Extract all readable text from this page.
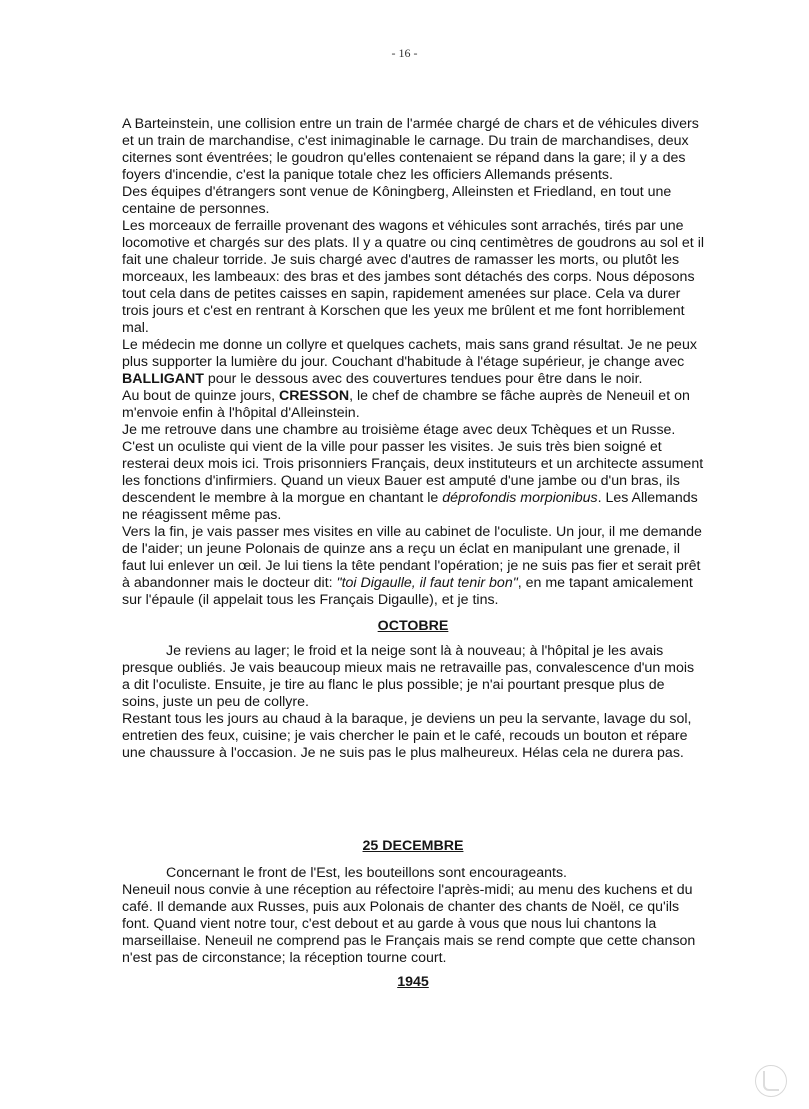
- 16 -

A Barteinstein, une collision entre un train de l'armée chargé de chars et de véhicules divers et un train de marchandise, c'est inimaginable le carnage. Du train de marchandises, deux citernes sont éventrées; le goudron qu'elles contenaient se répand dans la gare; il y a des foyers d'incendie, c'est la panique totale chez les officiers Allemands présents.

Des équipes d'étrangers sont venue de Kôningberg, Alleinsten et Friedland, en tout une centaine de personnes.

Les morceaux de ferraille provenant des wagons et véhicules sont arrachés, tirés par une locomotive et chargés sur des plats. Il y a quatre ou cinq centimètres de goudrons au sol et il fait une chaleur torride. Je suis chargé avec d'autres de ramasser les morts, ou plutôt les morceaux, les lambeaux: des bras et des jambes sont détachés des corps. Nous déposons tout cela dans de petites caisses en sapin, rapidement amenées sur place. Cela va durer trois jours et c'est en rentrant à Korschen que les yeux me brûlent et me font horriblement mal.

Le médecin me donne un collyre et quelques cachets, mais sans grand résultat. Je ne peux plus supporter la lumière du jour. Couchant d'habitude à l'étage supérieur, je change avec BALLIGANT pour le dessous avec des couvertures tendues pour être dans le noir.

Au bout de quinze jours, CRESSON, le chef de chambre se fâche auprès de Neneuil et on m'envoie enfin à l'hôpital d'Alleinstein.

Je me retrouve dans une chambre au troisième étage avec deux Tchèques et un Russe. C'est un oculiste qui vient de la ville pour passer les visites. Je suis très bien soigné et resterai deux mois ici. Trois prisonniers Français, deux instituteurs et un architecte assument les fonctions d'infirmiers. Quand un vieux Bauer est amputé d'une jambe ou d'un bras, ils descendent le membre à la morgue en chantant le déprofondis morpionibus. Les Allemands ne réagissent même pas.

Vers la fin, je vais passer mes visites en ville au cabinet de l'oculiste. Un jour, il me demande de l'aider; un jeune Polonais de quinze ans a reçu un éclat en manipulant une grenade, il faut lui enlever un œil. Je lui tiens la tête pendant l'opération; je ne suis pas fier et serait prêt à abandonner mais le docteur dit: "toi Digaulle, il faut tenir bon", en me tapant amicalement sur l'épaule (il appelait tous les Français Digaulle), et je tins.

OCTOBRE

Je reviens au lager; le froid et la neige sont là à nouveau; à l'hôpital je les avais presque oubliés. Je vais beaucoup mieux mais ne retravaille pas, convalescence d'un mois a dit l'oculiste. Ensuite, je tire au flanc le plus possible; je n'ai pourtant presque plus de soins, juste un peu de collyre.

Restant tous les jours au chaud à la baraque, je deviens un peu la servante, lavage du sol, entretien des feux, cuisine; je vais chercher le pain et le café, recouds un bouton et répare une chaussure à l'occasion. Je ne suis pas le plus malheureux. Hélas cela ne durera pas.

25 DECEMBRE

Concernant le front de l'Est, les bouteillons sont encourageants.

Neneuil nous convie à une réception au réfectoire l'après-midi; au menu des kuchens et du café. Il demande aux Russes, puis aux Polonais de chanter des chants de Noël, ce qu'ils font. Quand vient notre tour, c'est debout et au garde à vous que nous lui chantons la marseillaise. Neneuil ne comprend pas le Français mais se rend compte que cette chanson n'est pas de circonstance; la réception tourne court.

1945
